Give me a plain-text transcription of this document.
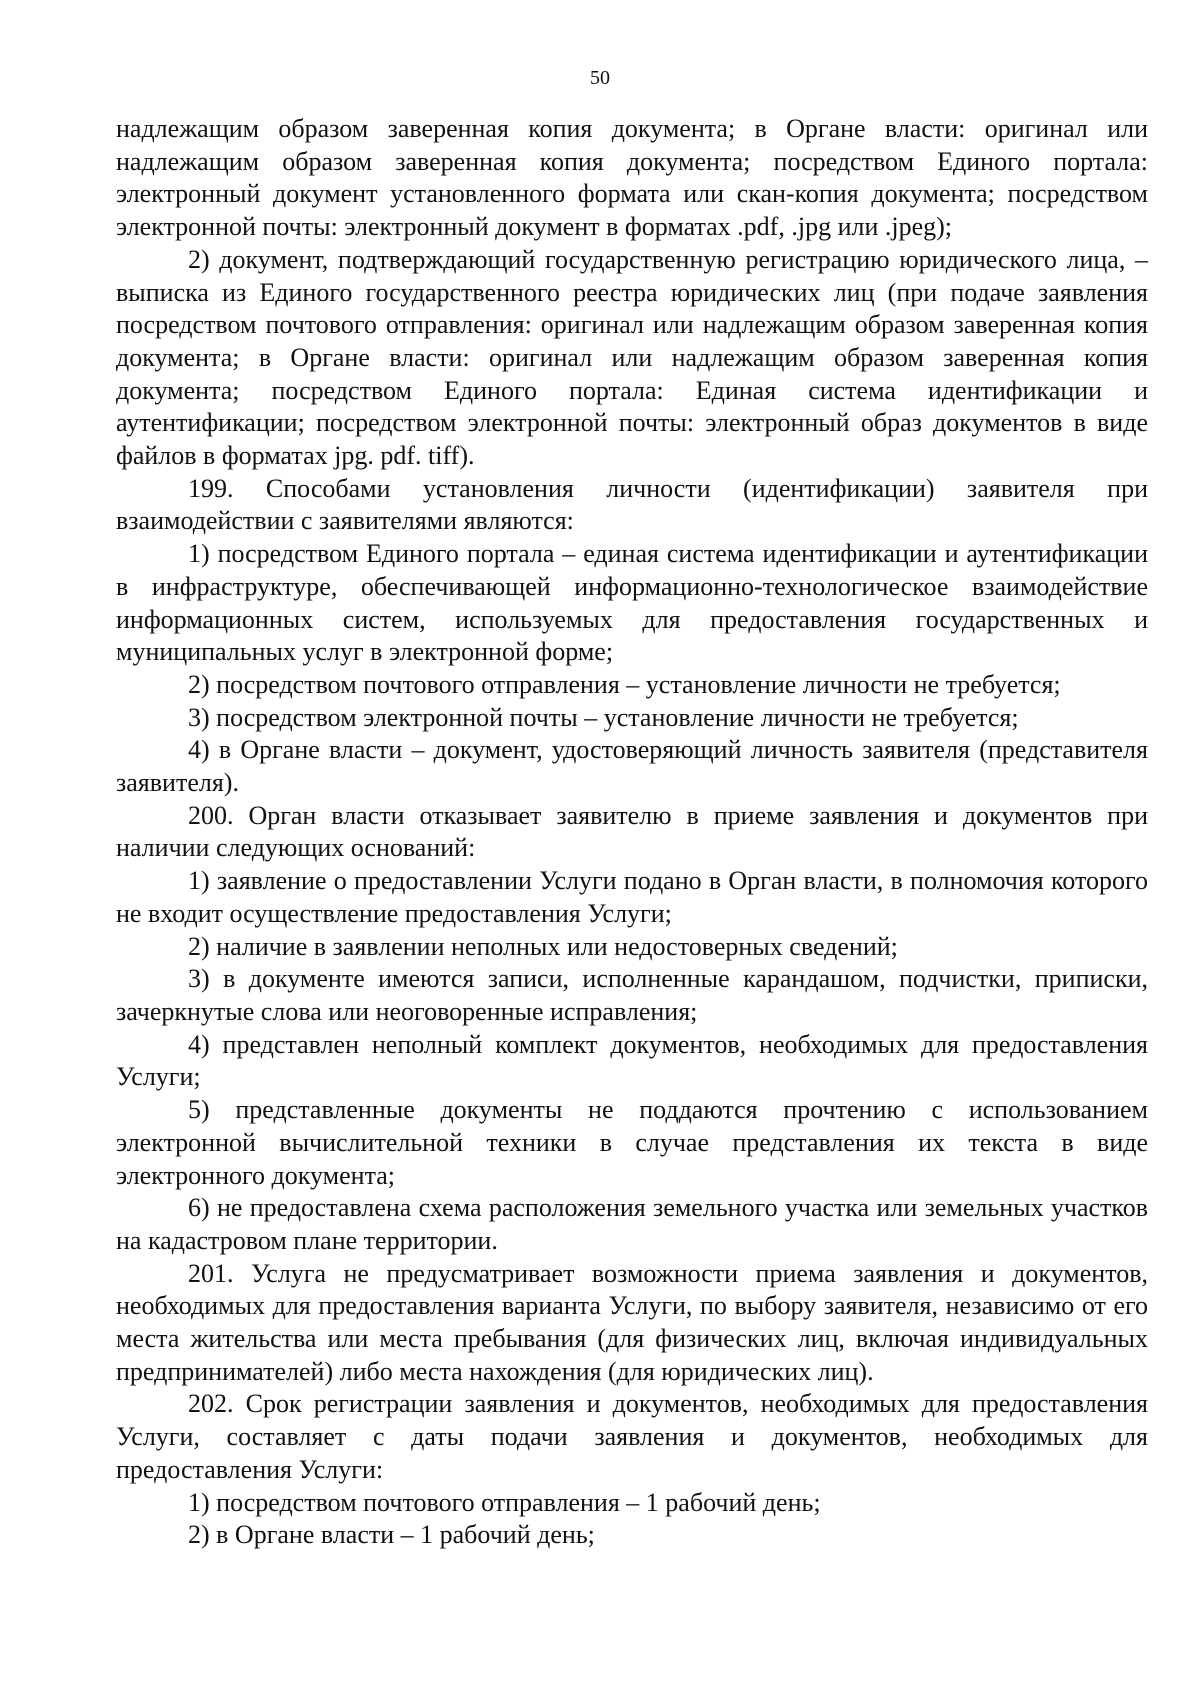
50

надлежащим образом заверенная копия документа; в Органе власти: оригинал или надлежащим образом заверенная копия документа; посредством Единого портала: электронный документ установленного формата или скан-копия документа; посредством электронной почты: электронный документ в форматах .pdf, .jpg или .jpeg);

2) документ, подтверждающий государственную регистрацию юридического лица, – выписка из Единого государственного реестра юридических лиц (при подаче заявления посредством почтового отправления: оригинал или надлежащим образом заверенная копия документа; в Органе власти: оригинал или надлежащим образом заверенная копия документа; посредством Единого портала: Единая система идентификации и аутентификации; посредством электронной почты: электронный образ документов в виде файлов в форматах jpg. pdf. tiff).

199. Способами установления личности (идентификации) заявителя при взаимодействии с заявителями являются:

1) посредством Единого портала – единая система идентификации и аутентификации в инфраструктуре, обеспечивающей информационно-технологическое взаимодействие информационных систем, используемых для предоставления государственных и муниципальных услуг в электронной форме;

2) посредством почтового отправления – установление личности не требуется;

3) посредством электронной почты – установление личности не требуется;

4) в Органе власти – документ, удостоверяющий личность заявителя (представителя заявителя).

200. Орган власти отказывает заявителю в приеме заявления и документов при наличии следующих оснований:

1) заявление о предоставлении Услуги подано в Орган власти, в полномочия которого не входит осуществление предоставления Услуги;

2) наличие в заявлении неполных или недостоверных сведений;

3) в документе имеются записи, исполненные карандашом, подчистки, приписки, зачеркнутые слова или неоговоренные исправления;

4) представлен неполный комплект документов, необходимых для предоставления Услуги;

5) представленные документы не поддаются прочтению с использованием электронной вычислительной техники в случае представления их текста в виде электронного документа;

6) не предоставлена схема расположения земельного участка или земельных участков на кадастровом плане территории.

201. Услуга не предусматривает возможности приема заявления и документов, необходимых для предоставления варианта Услуги, по выбору заявителя, независимо от его места жительства или места пребывания (для физических лиц, включая индивидуальных предпринимателей) либо места нахождения (для юридических лиц).

202. Срок регистрации заявления и документов, необходимых для предоставления Услуги, составляет с даты подачи заявления и документов, необходимых для предоставления Услуги:

1) посредством почтового отправления – 1 рабочий день;

2) в Органе власти – 1 рабочий день;
